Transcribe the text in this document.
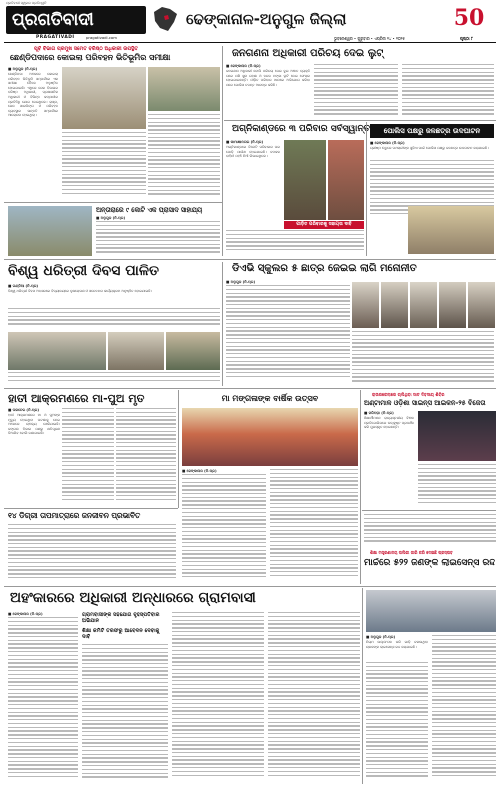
ପ୍ରତିବାଦୀ ସ୍ୱରର ପ୍ରତିଧ୍ୱନି
ପ୍ରଗତିବାଦୀ
PRAGATIVADI	pragativadi.com
ଢେଙ୍କାନାଳ-ଅନୁଗୁଳ ଜିଲ୍ଲା	50
ଭୁବନେଶ୍ୱର • ଗୁରୁବାର • ଏପ୍ରିଲ ୨୪ • ୨୦୨୫	ପୃଷ୍ଠା ୮
ପୂର୍ବ ବିଭାଗ ପ୍ରମୁଖ ସମେତ ବରିଷ୍ଠ ଅଧିକାରୀ ଉପସ୍ଥିତ
ଛେଣ୍ଡିପଦାରେ କୋଇଲା ପରିବହନ ଭିତିଭୂମିର ସମୀକ୍ଷା
■ ଅନୁଗୁଳ (ନି.ପ୍ର)
ଛେଣ୍ଡିପଦା ଅଞ୍ଚଳରେ କୋଇଲା ପରିବହନ ଭିତିଭୂମି ସମ୍ପର୍କରେ ଏକ ସମୀକ୍ଷା ବୈଠକ ଅନୁଷ୍ଠିତ ହୋଇଯାଇଛି। ଏଥିରେ ରେଳ ବିଭାଗର ବରିଷ୍ଠ ଅଧିକାରୀ, ପ୍ରଶାସନିକ ଅଧିକାରୀ ଓ ବିଭିନ୍ନ କମ୍ପାନୀର ପ୍ରତିନିଧି ଯୋଗ ଦେଇଥିଲେ। ରାସ୍ତା, ରେଳ ସାଇଡିଙ୍ଗ ଓ ପରିବହନ ବ୍ୟବସ୍ଥାର ଉନ୍ନତି ସମ୍ପର୍କରେ ଆଲୋଚନା ହୋଇଥିଲା।
ଜନଗଣନା ଅଧିକାରୀ ପରିଚୟ ଦେଇ ଲୁଟ୍
■ ଢେଙ୍କାନାଳ (ନି.ପ୍ର)
ଜନଗଣନା ଅଧିକାରୀ ବୋଲି ପରିଚୟ ଦେଇ ଦୁଇ ଅଜ୍ଞାତ ବ୍ୟକ୍ତି ଘରେ ପଶି ସୁନା ଗହଣା ଓ ନଗଦ ଟଙ୍କା ଲୁଟି ନେଇ ଫେରାର ହୋଇଯାଇଛନ୍ତି। ପୀଡ଼ିତ ପରିବାର ଥାନାରେ ଅଭିଯୋଗ କରିବା ପରେ ପୋଲିସ ତଦନ୍ତ ଆରମ୍ଭ କରିଛି।
ଅଗ୍ନିକାଣ୍ଡରେ ୩ ପରିବାର ସର୍ବସ୍ୱାନ୍ତ
■ କାମାକ୍ଷାନଗର (ନି.ପ୍ର)
ଅଗ୍ନିକାଣ୍ଡରେ ତିନୋଟି ପରିବାରର ଘର ପୋଡ଼ି ପାଉଁଶ ହୋଇଯାଇଛି। ଦମକଳ ବାହିନୀ ପହଞ୍ଚି ନିଆଁ ଲିଭାଇଥିଲେ।
ପୀଡ଼ିତ ପରିବାରକୁ ସହାୟତା ଦାବି
ପୋଲିସ ପକ୍ଷରୁ ଜଳଛତ୍ର ଉଦଘାଟନ
■ ଢେଙ୍କାନାଳ (ନି.ପ୍ର)
ଗ୍ରୀଷ୍ମ ଋତୁରେ ପଥଚାରୀଙ୍କ ସୁବିଧା ପାଇଁ ପୋଲିସ ପକ୍ଷରୁ ଜଳଛତ୍ର ଉଦଘାଟନ କରାଯାଇଛି।
ଅନ୍ତାରାରେ ୯ କୋଟି ଏକ ପ୍ରାସାଦ ସାହାଯ୍ୟ
■ ଅନୁଗୁଳ (ନି.ପ୍ର)
ବିଶ୍ୱ ଧରିତ୍ରୀ ଦିବସ ପାଳିତ
■ ଗଣ୍ଡିଆ (ନି.ପ୍ର)
ବିଶ୍ୱ ଧରିତ୍ରୀ ଦିବସ ଅବସରରେ ବିଦ୍ୟାଳୟରେ ବୃକ୍ଷରୋପଣ ଓ ସଚେତନତା କାର୍ଯ୍ୟକ୍ରମ ଅନୁଷ୍ଠିତ ହୋଇଯାଇଛି।
ଡିଏଭି ସ୍କୁଲର ୫ ଛାତ୍ର ଜେଇଇ ଲାଗି ମନୋନୀତ
■ ଅନୁଗୁଳ (ନି.ପ୍ର)
ହାତୀ ଆକ୍ରମଣରେ ମା-ପୁଅ ମୃତ
■ ତାଳଚେର (ନି.ପ୍ର)
ହାତୀ ଆକ୍ରମଣରେ ମା ଓ ପୁଅଙ୍କ ମୃତ୍ୟୁ ହୋଇଥିବା ଘଟଣାକୁ ନେଇ ଅଞ୍ଚଳରେ ଚାଞ୍ଚଲ୍ୟ ଖେଳିଯାଇଛି। ଜଙ୍ଗଲ ବିଭାଗ ପକ୍ଷରୁ କ୍ଷତିପୂରଣ ଦିଆଯିବ ବୋଲି ଜଣାଯାଇଛି।
ମା ମଙ୍ଗଳାଙ୍କ ବାର୍ଷିକ ଉତ୍ସବ
■ ଢେଙ୍କାନାଳ (ନି.ପ୍ର)
ରାଉରକେଲାରେ ଚାଲିଥିବା ସାତ ଦିବସୀୟ ଶିବିର
ଅଣ୍ଟାମାଳ ଓଡ଼ିଶା ସାଇନ୍ସ ଆଇକନ-୨୫ ବିଜେତା
■ ଜରିପଡ଼ା (ନି.ପ୍ର)
ଶିକ୍ଷାର୍ଥୀମାନେ ରାଜ୍ୟସ୍ତରୀୟ ବିଜ୍ଞାନ ପ୍ରତିଯୋଗିତାରେ ଉତ୍କୃଷ୍ଟ ପ୍ରଦର୍ଶନ କରି ପୁରସ୍କୃତ ହୋଇଛନ୍ତି।
୧୪ ଡିଗ୍ରୀ ତାପମାତ୍ରାରେ ଜନଜୀବନ ପ୍ରଭାବିତ
ଶିକ୍ଷା ମନ୍ତ୍ରଣାଳୟ ତାଲିକା ଜାରି କରି ଦେଇଛି ପ୍ରସ୍ତାବ
ମାର୍ଚ୍ଚରେ ୫୨୨ ଜଣଙ୍କ ଲାଇସେନ୍ସ ରଦ୍ଦ
ଅହଂକାରରେ ଅଧିକାରୀ ଅନ୍ଧାରରେ ଗ୍ରାମବାସୀ
■ ଢେଙ୍କାନାଳ (ନି.ପ୍ର)	ଗ୍ରାମବାସୀଙ୍କ ସହଯୋଗ ବୃହସ୍ପତିବାର ଅଭିଯାନ
ଶିକ୍ଷା କମିଟି ତରଫରୁ ଆବେଦନ ଦେବାକୁ ଦାବି	■ ଅନୁଗୁଳ (ନି.ପ୍ର)
ନିୟମ ଉଲ୍ଲଂଘନ କରି ଗାଡ଼ି ଚଳାଉଥିବା ଚାଳକଙ୍କ ଲାଇସେନ୍ସ ରଦ୍ଦ କରାଯାଇଛି।
